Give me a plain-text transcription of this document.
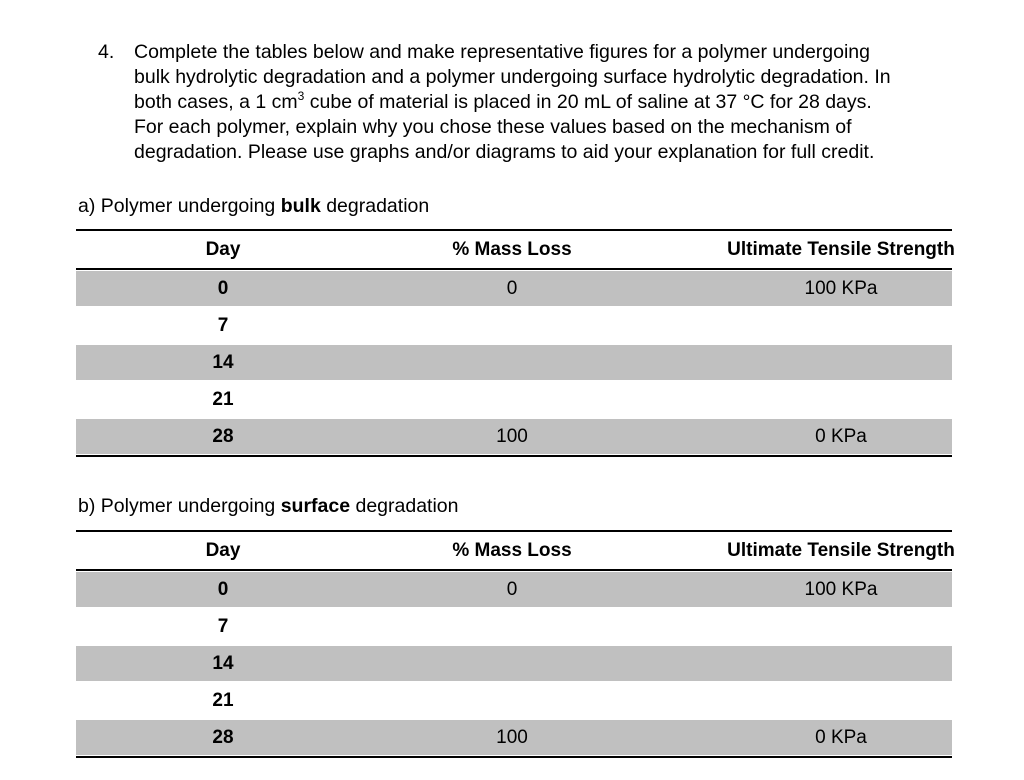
4.	Complete the tables below and make representative figures for a polymer undergoing
bulk hydrolytic degradation and a polymer undergoing surface hydrolytic degradation. In
both cases, a 1 $cm^3$ cube of material is placed in 20 mL of saline at 37 °C for 28 days.
For each polymer, explain why you chose these values based on the mechanism of
degradation. Please use graphs and/or diagrams to aid your explanation for full credit.
a) Polymer undergoing bulk degradation
Day	% Mass Loss	Ultimate Tensile Strength
0	0	100 KPa
7		
14		
21		
28	100	0 KPa
b) Polymer undergoing surface degradation
Day	% Mass Loss	Ultimate Tensile Strength
0	0	100 KPa
7		
14		
21		
28	100	0 KPa
